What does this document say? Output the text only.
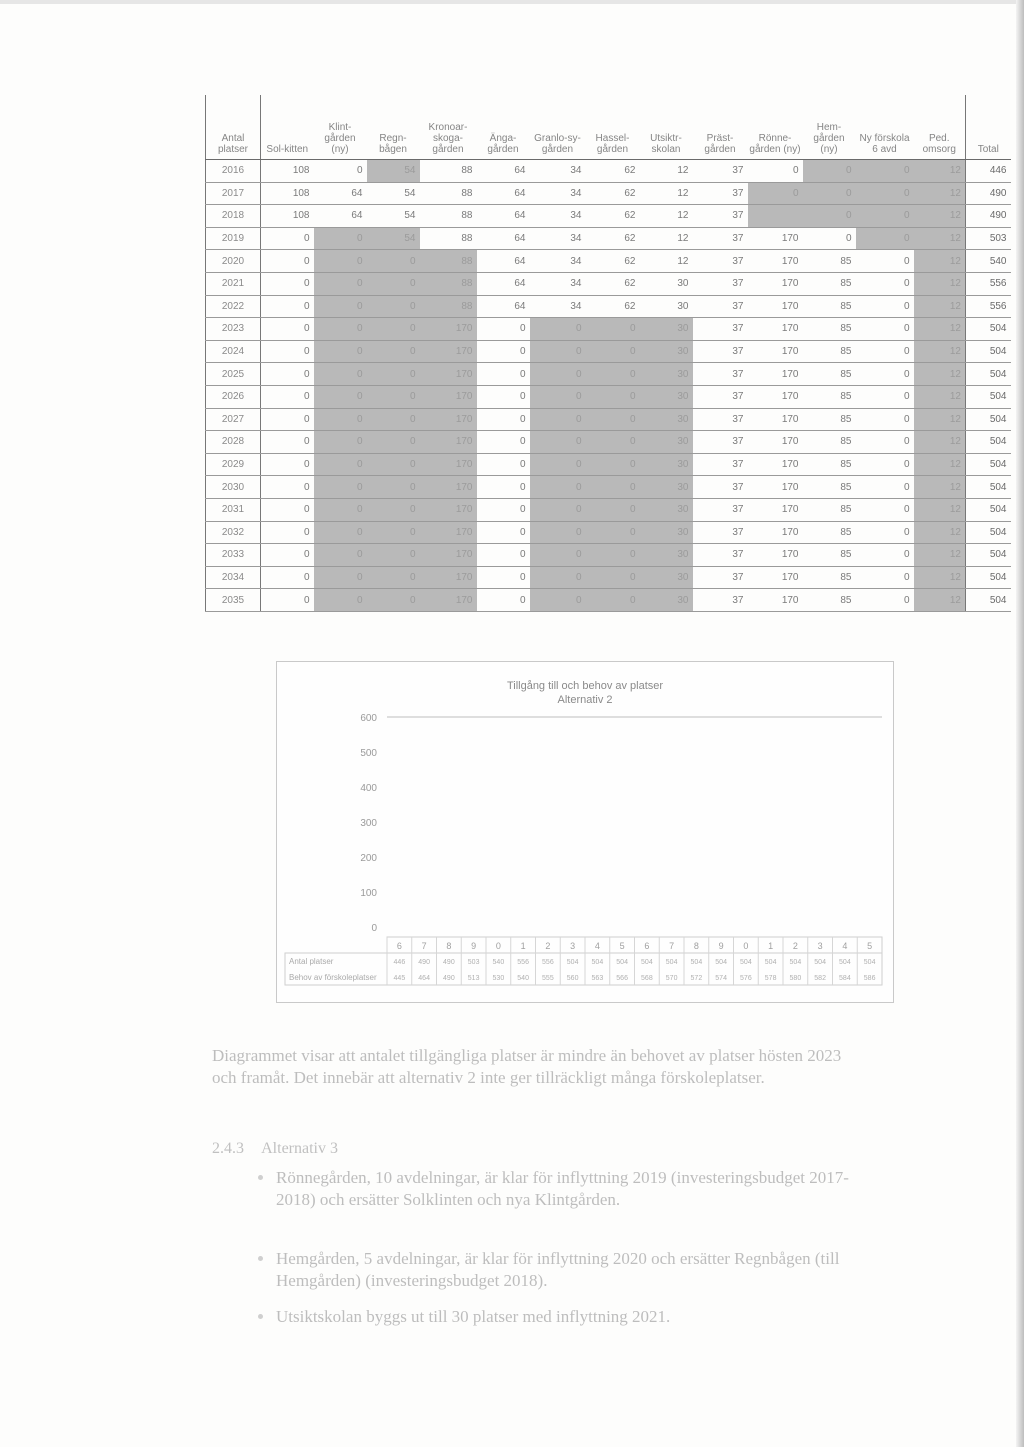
Antal platser	Sol-kitten	Klint-gården (ny)	Regn-bågen	Kronoar-skoga-gården	Änga-gården	Granlo-sy-gården	Hassel-gården	Utsiktr-skolan	Präst-gården	Rönne-gården (ny)	Hem-gården (ny)	Ny förskola 6 avd	Ped. omsorg	Total
2016	108	0	54	88	64	34	62	12	37	0	0	0	12	446
2017	108	64	54	88	64	34	62	12	37	0	0	0	12	490
2018	108	64	54	88	64	34	62	12	37		0	0	12	490
2019	0	0	54	88	64	34	62	12	37	170	0	0	12	503
2020	0	0	0	88	64	34	62	12	37	170	85	0	12	540
2021	0	0	0	88	64	34	62	30	37	170	85	0	12	556
2022	0	0	0	88	64	34	62	30	37	170	85	0	12	556
2023	0	0	0	170	0	0	0	30	37	170	85	0	12	504
2024	0	0	0	170	0	0	0	30	37	170	85	0	12	504
2025	0	0	0	170	0	0	0	30	37	170	85	0	12	504
2026	0	0	0	170	0	0	0	30	37	170	85	0	12	504
2027	0	0	0	170	0	0	0	30	37	170	85	0	12	504
2028	0	0	0	170	0	0	0	30	37	170	85	0	12	504
2029	0	0	0	170	0	0	0	30	37	170	85	0	12	504
2030	0	0	0	170	0	0	0	30	37	170	85	0	12	504
2031	0	0	0	170	0	0	0	30	37	170	85	0	12	504
2032	0	0	0	170	0	0	0	30	37	170	85	0	12	504
2033	0	0	0	170	0	0	0	30	37	170	85	0	12	504
2034	0	0	0	170	0	0	0	30	37	170	85	0	12	504
2035	0	0	0	170	0	0	0	30	37	170	85	0	12	504
Tillgång till och behov av platser
Alternativ 2
600
500
400
300
200
100
0
6 7 8 9 0 1 2 3 4 5 6 7 8 9 0 1 2 3 4 5
Antal platser	446 490 490 503 540 556 556 504 504 504 504 504 504 504 504 504 504 504 504 504
Behov av förskoleplatser 445 464 490 513 530 540 555 560 563 566 568 570 572 574 576 578 580 582 584 586

Diagrammet visar att antalet tillgängliga platser är mindre än behovet av platser hösten 2023 och framåt. Det innebär att alternativ 2 inte ger tillräckligt många förskoleplatser.

2.4.3 Alternativ 3

Rönnegården, 10 avdelningar, är klar för inflyttning 2019 (investeringsbudget 2017-2018) och ersätter Solklinten och nya Klintgården.

Hemgården, 5 avdelningar, är klar för inflyttning 2020 och ersätter Regnbågen (till Hemgården) (investeringsbudget 2018).

Utsiktskolan byggs ut till 30 platser med inflyttning 2021.
